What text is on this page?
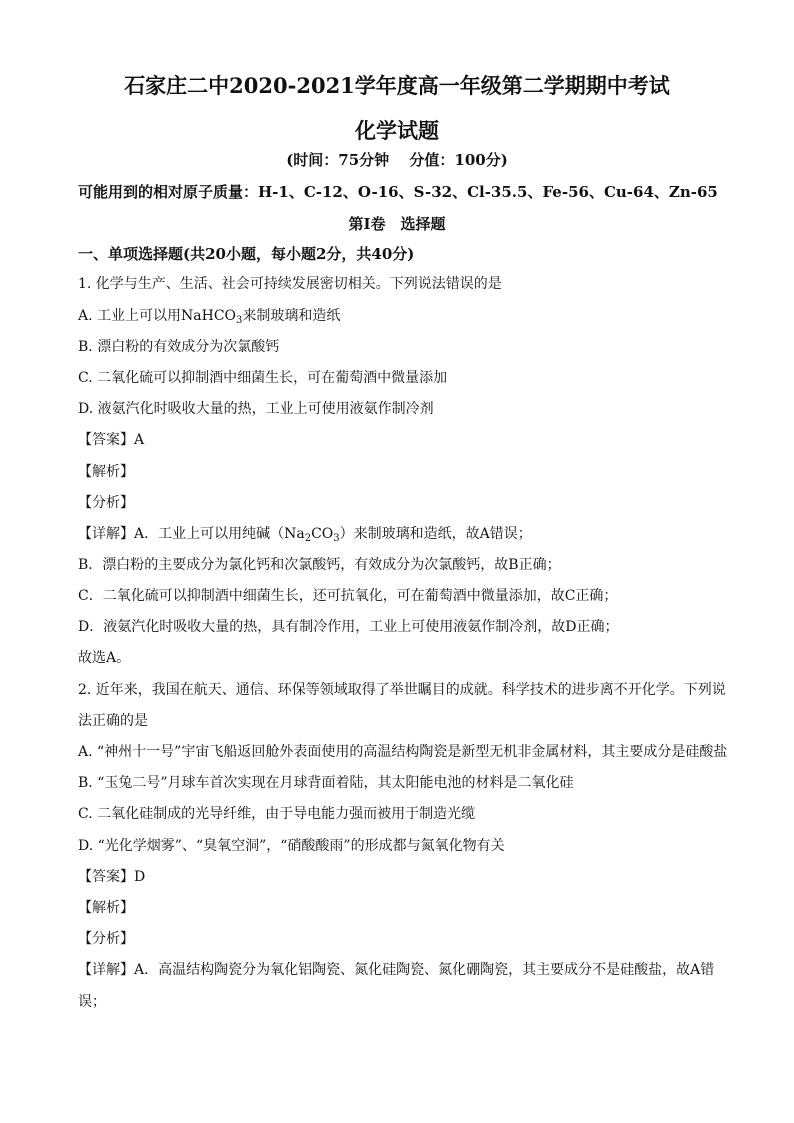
石家庄二中2020-2021学年度高一年级第二学期期中考试
化学试题
(时间：75分钟　 分值：100分)
可能用到的相对原子质量：H-1、C-12、O-16、S-32、Cl-35.5、Fe-56、Cu-64、Zn-65
第Ⅰ卷　选择题
一、单项选择题(共20小题，每小题2分，共40分)
1. 化学与生产、生活、社会可持续发展密切相关。下列说法错误的是
A. 工业上可以用NaHCO$_3$来制玻璃和造纸
B. 漂白粉的有效成分为次氯酸钙
C. 二氧化硫可以抑制酒中细菌生长，可在葡萄酒中微量添加
D. 液氨汽化时吸收大量的热，工业上可使用液氨作制冷剂
【答案】A
【解析】
【分析】
【详解】A．工业上可以用纯碱$(Na_2CO_3)$来制玻璃和造纸，故A错误；
B．漂白粉的主要成分为氯化钙和次氯酸钙，有效成分为次氯酸钙，故B正确；
C．二氧化硫可以抑制酒中细菌生长，还可抗氧化，可在葡萄酒中微量添加，故C正确；
D．液氨汽化时吸收大量的热，具有制冷作用，工业上可使用液氨作制冷剂，故D正确；
故选A。
2. 近年来，我国在航天、通信、环保等领域取得了举世瞩目的成就。科学技术的进步离不开化学。下列说
法正确的是
A. “神州十一号”宇宙飞船返回舱外表面使用的高温结构陶瓷是新型无机非金属材料，其主要成分是硅酸盐
B. “玉兔二号”月球车首次实现在月球背面着陆，其太阳能电池的材料是二氧化硅
C. 二氧化硅制成的光导纤维，由于导电能力强而被用于制造光缆
D. “光化学烟雾”、“臭氧空洞”，“硝酸酸雨”的形成都与氮氧化物有关
【答案】D
【解析】
【分析】
【详解】A．高温结构陶瓷分为氧化铝陶瓷、氮化硅陶瓷、氮化硼陶瓷，其主要成分不是硅酸盐，故A错
误；
